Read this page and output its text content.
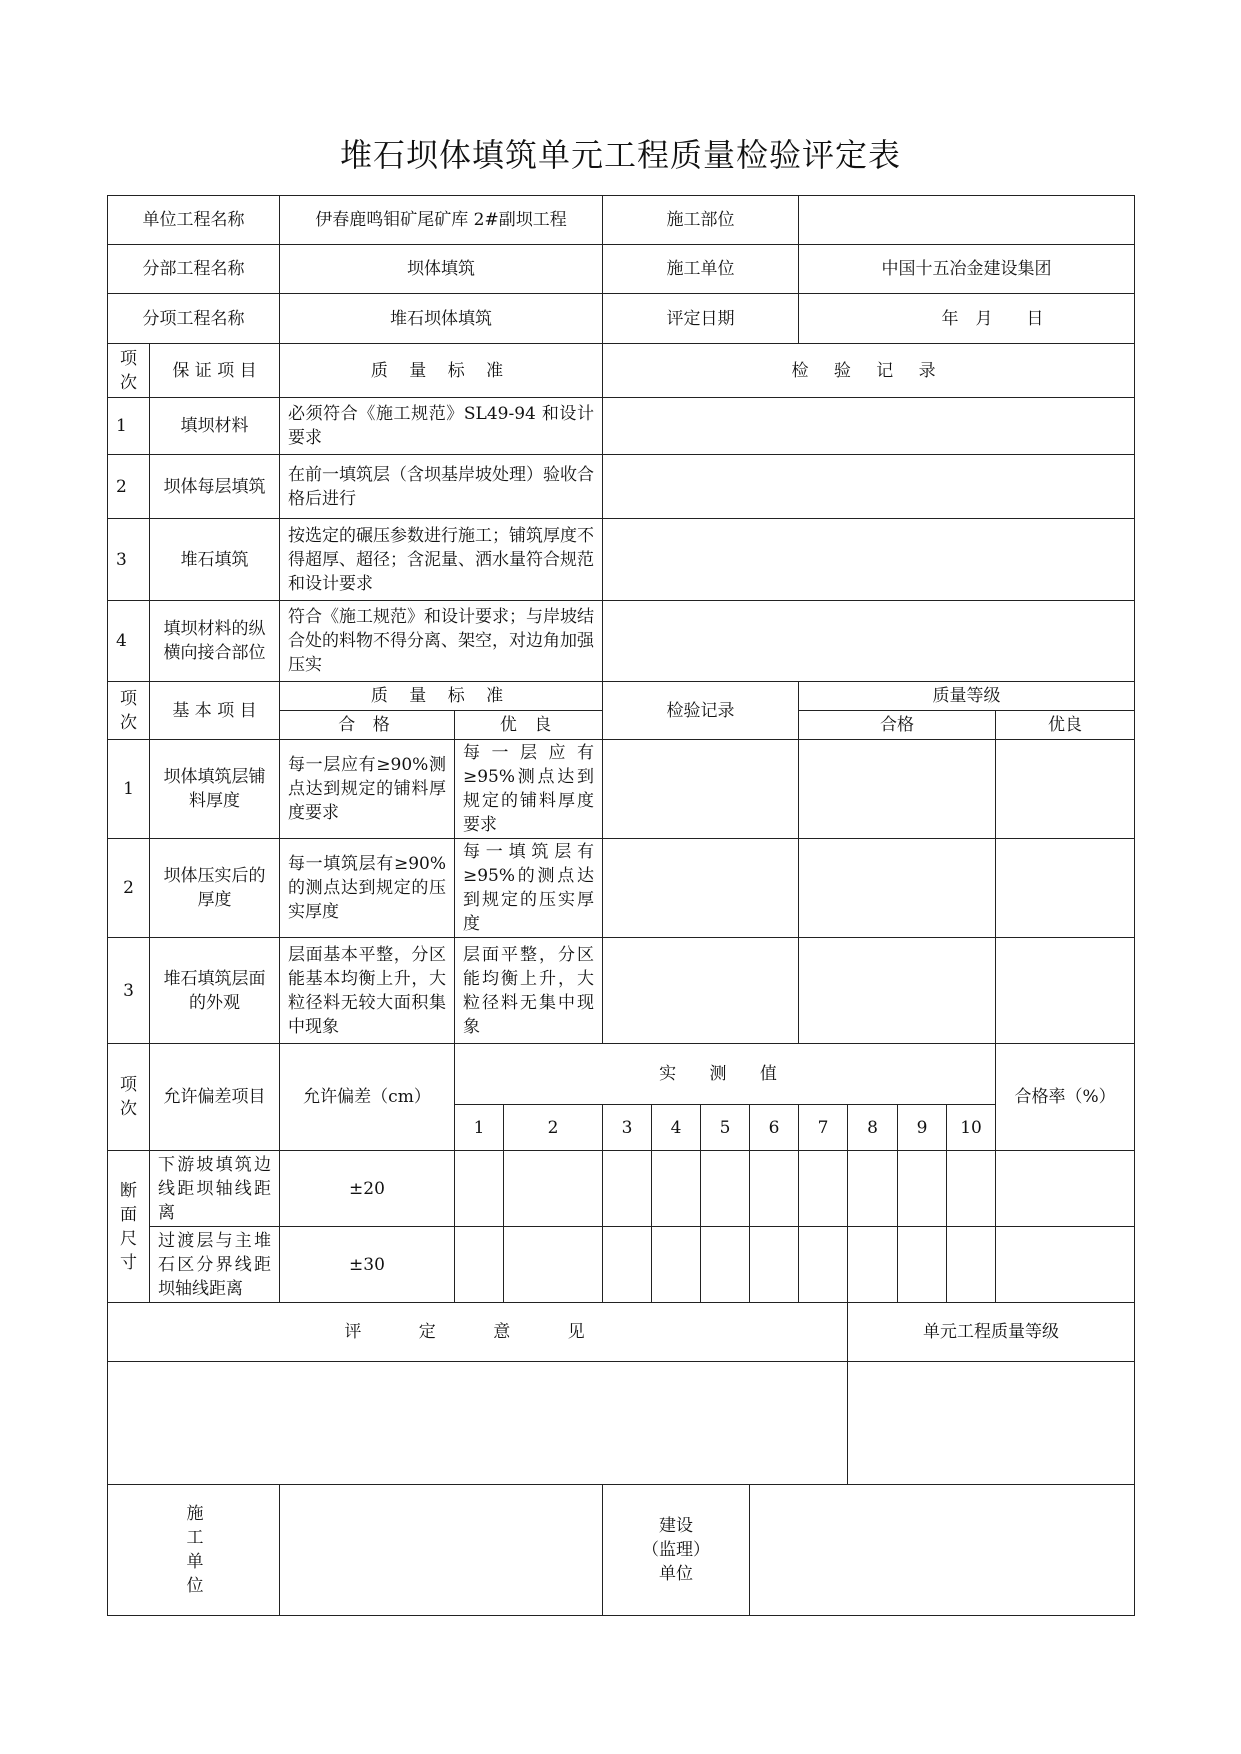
堆石坝体填筑单元工程质量检验评定表
单位工程名称		伊春鹿鸣钼矿尾矿库 2#副坝工程			施工部位								
分部工程名称		坝体填筑			施工单位				中国十五冶金建设集团				
分项工程名称		堆石坝体填筑			评定日期				年　月　　日				
项次	保 证 项 目	质 量 标 准			检 验 记 录								
1	填坝材料	必须符合《施工规范》SL49-94 和设计要求											
2	坝体每层填筑	在前一填筑层（含坝基岸坡处理）验收合格后进行											
3	堆石填筑	按选定的碾压参数进行施工；铺筑厚度不得超厚、超径；含泥量、洒水量符合规范和设计要求											
4	填坝材料的纵横向接合部位	符合《施工规范》和设计要求；与岸坡结合处的料物不得分离、架空，对边角加强压实											
项次	基 本 项 目	质 量 标 准			检验记录				质量等级				
		合 格	优 良						合格				优良
1	坝体填筑层铺料厚度	每一层应有≥90%测点达到规定的铺料厚度要求	每一层应有≥95%测点达到规定的铺料厚度要求										
2	坝体压实后的厚度	每一填筑层有≥90%的测点达到规定的压实厚度	每一填筑层有≥95%的测点达到规定的压实厚度										
3	堆石填筑层面的外观	层面基本平整，分区能基本均衡上升，大粒径料无较大面积集中现象	层面平整，分区能均衡上升，大粒径料无集中现象										
项次	允许偏差项目	允许偏差（cm）	实 测 值										合格率（%）
			1	2	3	4	5	6	7	8	9	10	
断面尺寸	下游坡填筑边线距坝轴线距离	±20											
	过渡层与主堆石区分界线距坝轴线距离	±30											
评 定 意 见										单元工程质量等级			

施工单位					建设
（监理）
单位								
